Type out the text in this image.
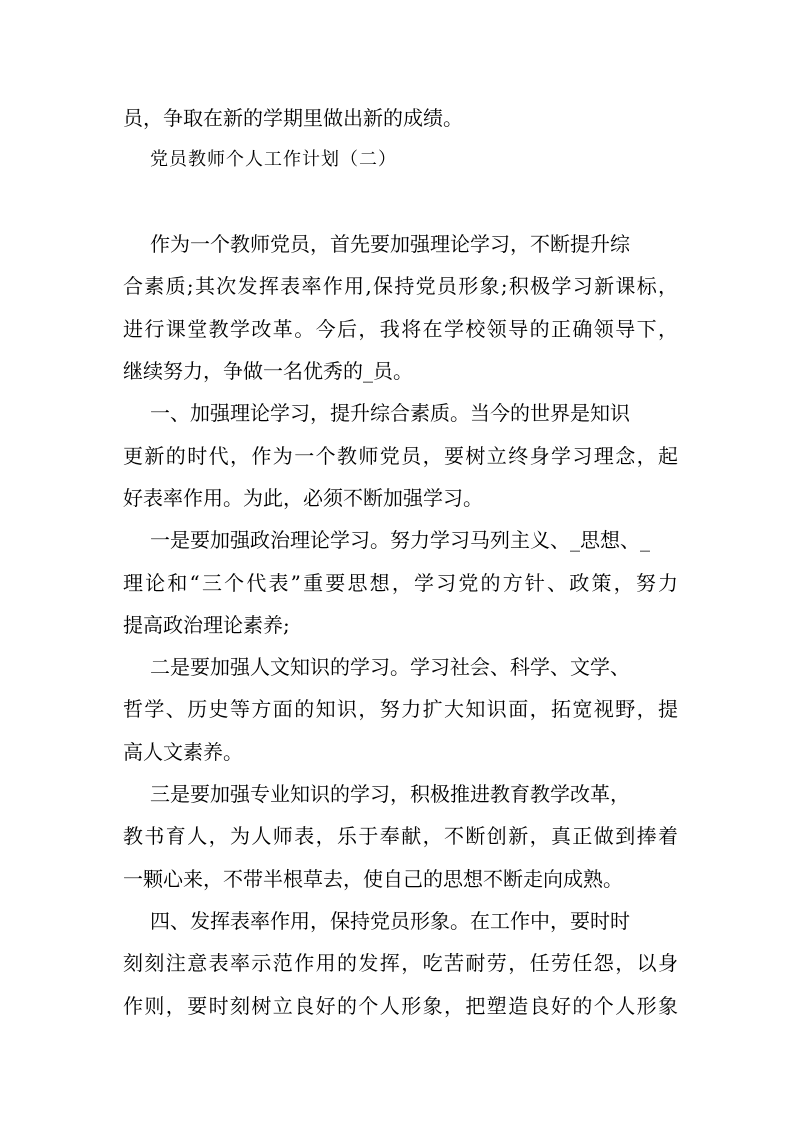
员，争取在新的学期里做出新的成绩。

党员教师个人工作计划（二）

作为一个教师党员，首先要加强理论学习，不断提升综

合素质;其次发挥表率作用,保持党员形象;积极学习新课标，

进行课堂教学改革。今后，我将在学校领导的正确领导下，

继续努力，争做一名优秀的_员。

一、加强理论学习，提升综合素质。当今的世界是知识

更新的时代，作为一个教师党员，要树立终身学习理念，起

好表率作用。为此，必须不断加强学习。

一是要加强政治理论学习。努力学习马列主义、_思想、_

理论和“三个代表”重要思想，学习党的方针、政策，努力

提高政治理论素养;

二是要加强人文知识的学习。学习社会、科学、文学、

哲学、历史等方面的知识，努力扩大知识面，拓宽视野，提

高人文素养。

三是要加强专业知识的学习，积极推进教育教学改革，

教书育人，为人师表，乐于奉献，不断创新，真正做到捧着

一颗心来，不带半根草去，使自己的思想不断走向成熟。

四、发挥表率作用，保持党员形象。在工作中，要时时

刻刻注意表率示范作用的发挥，吃苦耐劳，任劳任怨，以身

作则，要时刻树立良好的个人形象，把塑造良好的个人形象
